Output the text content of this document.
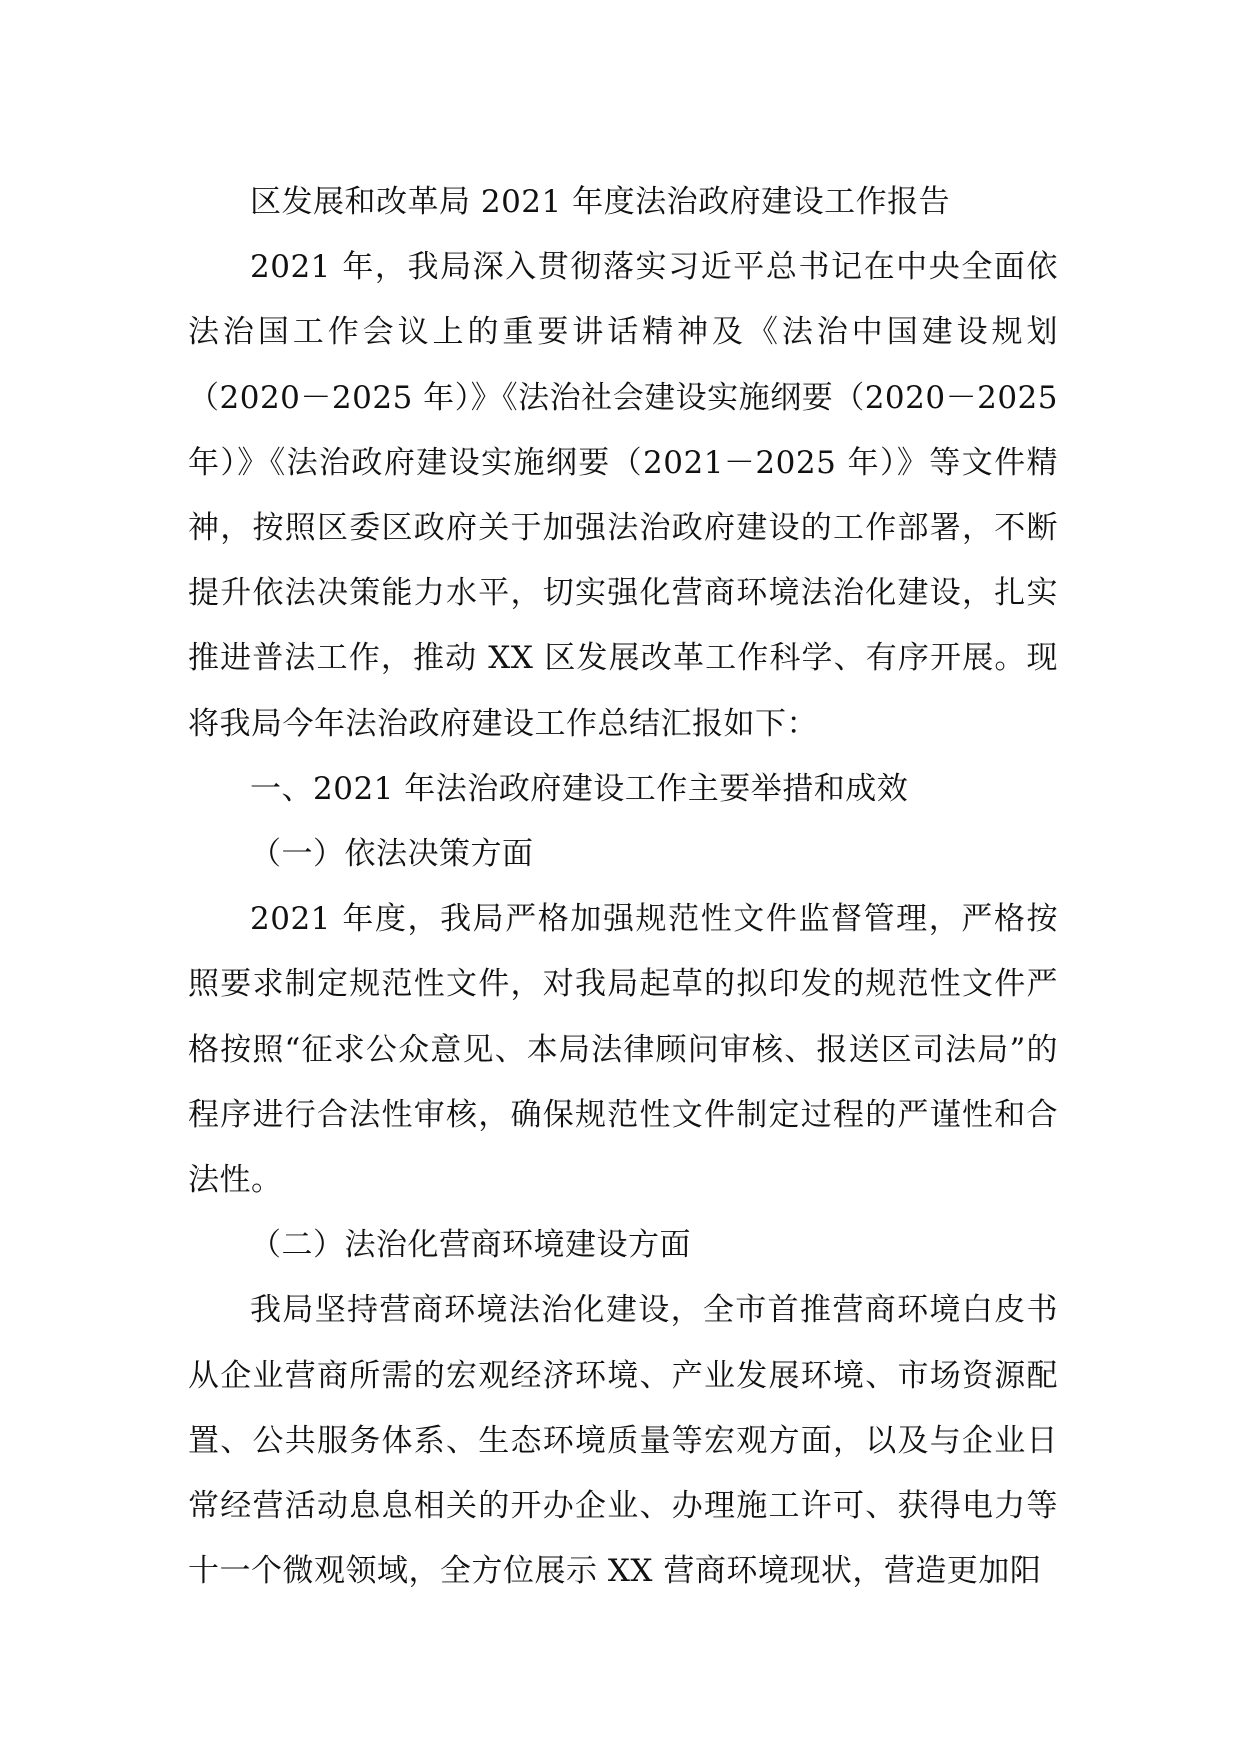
区发展和改革局 2021 年度法治政府建设工作报告

2021 年，我局深入贯彻落实习近平总书记在中央全面依法治国工作会议上的重要讲话精神及《法治中国建设规划（2020－2025 年）》《法治社会建设实施纲要（2020－2025 年）》《法治政府建设实施纲要（2021－2025 年）》等文件精神，按照区委区政府关于加强法治政府建设的工作部署，不断提升依法决策能力水平，切实强化营商环境法治化建设，扎实推进普法工作，推动 XX 区发展改革工作科学、有序开展。现将我局今年法治政府建设工作总结汇报如下：

一、2021 年法治政府建设工作主要举措和成效

（一）依法决策方面

2021 年度，我局严格加强规范性文件监督管理，严格按照要求制定规范性文件，对我局起草的拟印发的规范性文件严格按照“征求公众意见、本局法律顾问审核、报送区司法局”的程序进行合法性审核，确保规范性文件制定过程的严谨性和合法性。

（二）法治化营商环境建设方面

我局坚持营商环境法治化建设，全市首推营商环境白皮书从企业营商所需的宏观经济环境、产业发展环境、市场资源配置、公共服务体系、生态环境质量等宏观方面，以及与企业日常经营活动息息相关的开办企业、办理施工许可、获得电力等十一个微观领域，全方位展示 XX 营商环境现状，营造更加阳
